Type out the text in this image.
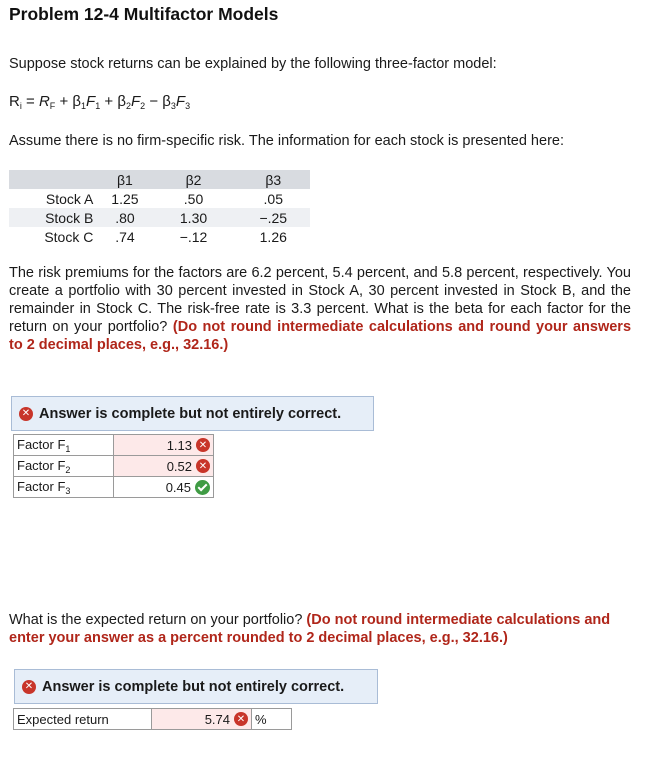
Problem 12-4 Multifactor Models
Suppose stock returns can be explained by the following three-factor model:
$R_i = R_F + \beta_1F_1 + \beta_2F_2 - \beta_3F_3$
Assume there is no firm-specific risk. The information for each stock is presented here:
	β1	β2	β3
Stock A	1.25	.50	.05
Stock B	.80	1.30	−.25
Stock C	.74	−.12	1.26
The risk premiums for the factors are 6.2 percent, 5.4 percent, and 5.8 percent, respectively. You create a portfolio with 30 percent invested in Stock A, 30 percent invested in Stock B, and the remainder in Stock C. The risk-free rate is 3.3 percent. What is the beta for each factor for the return on your portfolio? (Do not round intermediate calculations and round your answers to 2 decimal places, e.g., 32.16.)
✕ Answer is complete but not entirely correct.
Factor $F_1$	1.13 ✕

Factor $F_2$	0.52 ✕

Factor $F_3$	0.45
What is the expected return on your portfolio? (Do not round intermediate calculations and enter your answer as a percent rounded to 2 decimal places, e.g., 32.16.)
✕ Answer is complete but not entirely correct.
Expected return	5.74 ✕	%
